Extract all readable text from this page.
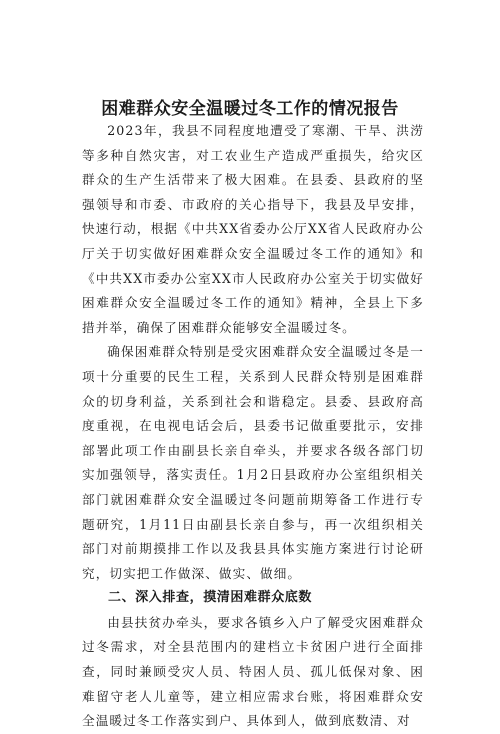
困难群众安全温暖过冬工作的情况报告

2023年，我县不同程度地遭受了寒潮、干旱、洪涝等多种自然灾害，对工农业生产造成严重损失，给灾区群众的生产生活带来了极大困难。在县委、县政府的坚强领导和市委、市政府的关心指导下，我县及早安排，快速行动，根据《中共XX省委办公厅XX省人民政府办公厅关于切实做好困难群众安全温暖过冬工作的通知》和《中共XX市委办公室XX市人民政府办公室关于切实做好困难群众安全温暖过冬工作的通知》精神，全县上下多措并举，确保了困难群众能够安全温暖过冬。

确保困难群众特别是受灾困难群众安全温暖过冬是一项十分重要的民生工程，关系到人民群众特别是困难群众的切身利益，关系到社会和谐稳定。县委、县政府高度重视，在电视电话会后，县委书记做重要批示，安排部署此项工作由副县长亲自牵头，并要求各级各部门切实加强领导，落实责任。1月2日县政府办公室组织相关部门就困难群众安全温暖过冬问题前期筹备工作进行专题研究，1月11日由副县长亲自参与，再一次组织相关部门对前期摸排工作以及我县具体实施方案进行讨论研究，切实把工作做深、做实、做细。

二、深入排查，摸清困难群众底数

由县扶贫办牵头，要求各镇乡入户了解受灾困难群众过冬需求，对全县范围内的建档立卡贫困户进行全面排查，同时兼顾受灾人员、特困人员、孤儿低保对象、困难留守老人儿童等，建立相应需求台账，将困难群众安全温暖过冬工作落实到户、具体到人，做到底数清、对
